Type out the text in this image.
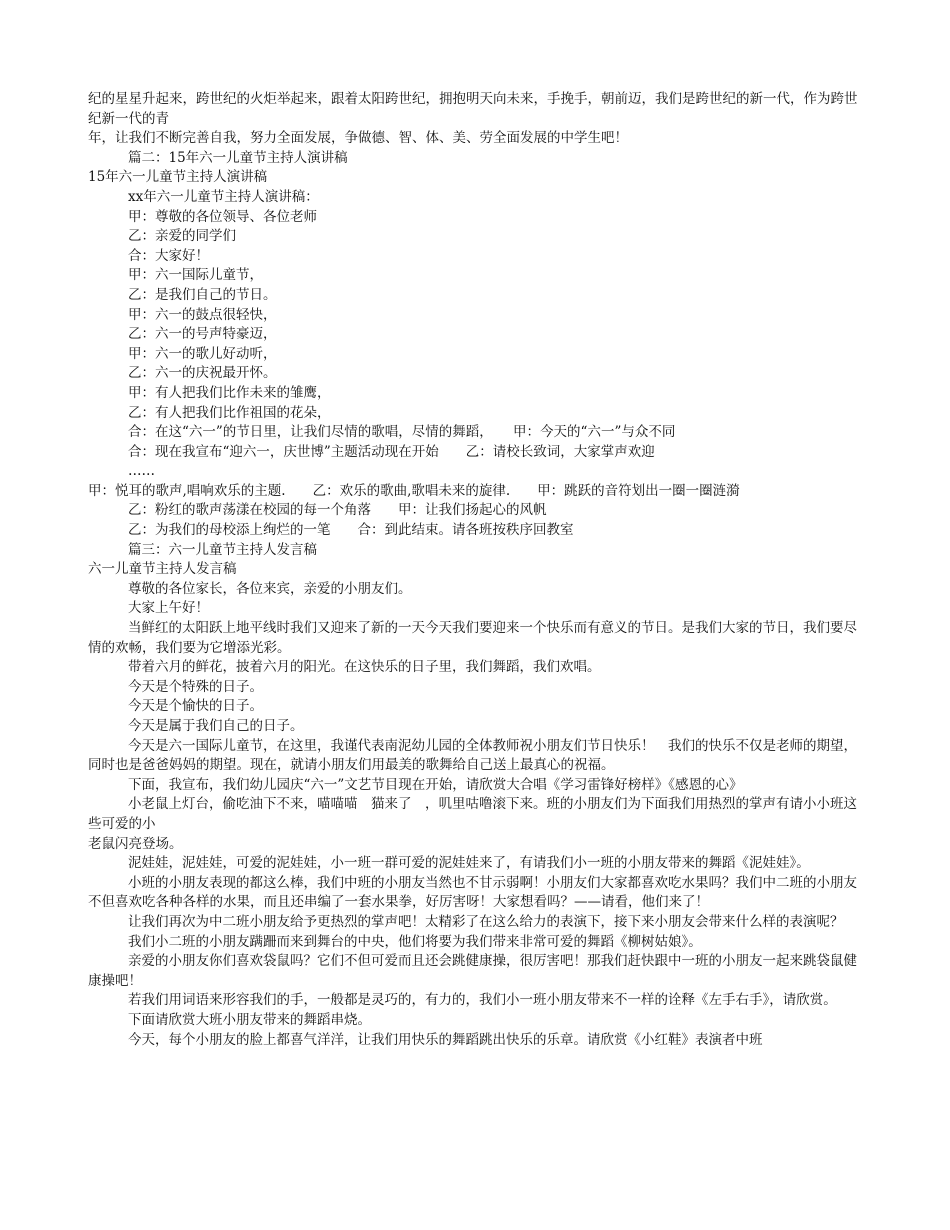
纪的星星升起来，跨世纪的火炬举起来，跟着太阳跨世纪，拥抱明天向未来，手挽手，朝前迈，我们是跨世纪的新一代，作为跨世纪新一代的青

年，让我们不断完善自我，努力全面发展，争做德、智、体、美、劳全面发展的中学生吧！

篇二：15年六一儿童节主持人演讲稿

15年六一儿童节主持人演讲稿

xx年六一儿童节主持人演讲稿：

甲：尊敬的各位领导、各位老师

乙：亲爱的同学们

合：大家好！

甲：六一国际儿童节，

乙：是我们自己的节日。

甲：六一的鼓点很轻快，

乙：六一的号声特豪迈，

甲：六一的歌儿好动听，

乙：六一的庆祝最开怀。

甲：有人把我们比作未来的雏鹰，

乙：有人把我们比作祖国的花朵，

合：在这“六一”的节日里，让我们尽情的歌唱，尽情的舞蹈，　　甲：今天的“六一”与众不同

合：现在我宣布“迎六一，庆世博”主题活动现在开始　　乙：请校长致词，大家掌声欢迎

……

甲：悦耳的歌声,唱响欢乐的主题.　　乙：欢乐的歌曲,歌唱未来的旋律.　　甲：跳跃的音符划出一圈一圈涟漪

乙：粉红的歌声荡漾在校园的每一个角落　　甲：让我们扬起心的风帆

乙：为我们的母校添上绚烂的一笔　　合：到此结束。请各班按秩序回教室

篇三：六一儿童节主持人发言稿

六一儿童节主持人发言稿

尊敬的各位家长，各位来宾，亲爱的小朋友们。

大家上午好！

当鲜红的太阳跃上地平线时我们又迎来了新的一天今天我们要迎来一个快乐而有意义的节日。是我们大家的节日，我们要尽情的欢畅，我们要为它增添光彩。

带着六月的鲜花，披着六月的阳光。在这快乐的日子里，我们舞蹈，我们欢唱。

今天是个特殊的日子。

今天是个愉快的日子。

今天是属于我们自己的日子。

今天是六一国际儿童节，在这里，我谨代表南泥幼儿园的全体教师祝小朋友们节日快乐！　我们的快乐不仅是老师的期望，同时也是爸爸妈妈的期望。现在，就请小朋友们用最美的歌舞给自己送上最真心的祝福。

下面，我宣布，我们幼儿园庆“六一”文艺节目现在开始，请欣赏大合唱《学习雷锋好榜样》《感恩的心》

小老鼠上灯台，偷吃油下不来，喵喵喵　猫来了　，叽里咕噜滚下来。班的小朋友们为下面我们用热烈的掌声有请小小班这些可爱的小

老鼠闪亮登场。

泥娃娃，泥娃娃，可爱的泥娃娃，小一班一群可爱的泥娃娃来了，有请我们小一班的小朋友带来的舞蹈《泥娃娃》。

小班的小朋友表现的都这么棒，我们中班的小朋友当然也不甘示弱啊！小朋友们大家都喜欢吃水果吗？我们中二班的小朋友不但喜欢吃各种各样的水果，而且还串编了一套水果拳，好厉害呀！大家想看吗？——请看，他们来了！

让我们再次为中二班小朋友给予更热烈的掌声吧！太精彩了在这么给力的表演下，接下来小朋友会带来什么样的表演呢？

我们小二班的小朋友蹒跚而来到舞台的中央，他们将要为我们带来非常可爱的舞蹈《柳树姑娘》。

亲爱的小朋友你们喜欢袋鼠吗？它们不但可爱而且还会跳健康操，很厉害吧！那我们赶快跟中一班的小朋友一起来跳袋鼠健康操吧！

若我们用词语来形容我们的手，一般都是灵巧的，有力的，我们小一班小朋友带来不一样的诠释《左手右手》，请欣赏。

下面请欣赏大班小朋友带来的舞蹈串烧。

今天，每个小朋友的脸上都喜气洋洋，让我们用快乐的舞蹈跳出快乐的乐章。请欣赏《小红鞋》表演者中班
